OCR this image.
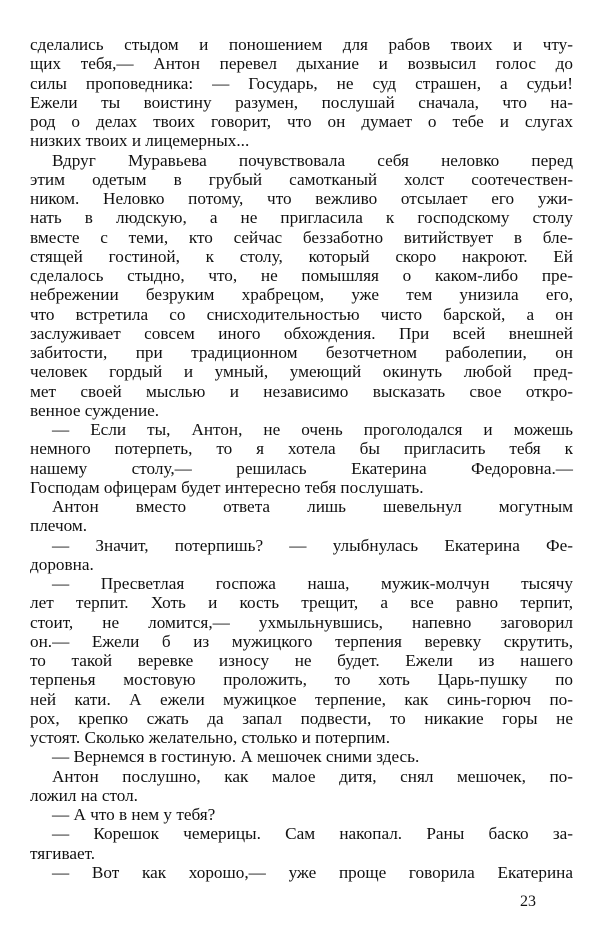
сделались стыдом и поношением для рабов твоих и чту-
щих тебя,— Антон перевел дыхание и возвысил голос до
силы проповедника: — Государь, не суд страшен, а судьи!
Ежели ты воистину разумен, послушай сначала, что на-
род о делах твоих говорит, что он думает о тебе и слугах
низких твоих и лицемерных...
Вдруг Муравьева почувствовала себя неловко перед
этим одетым в грубый самотканый холст соотечествен-
ником. Неловко потому, что вежливо отсылает его ужи-
нать в людскую, а не пригласила к господскому столу
вместе с теми, кто сейчас беззаботно витийствует в бле-
стящей гостиной, к столу, который скоро накроют. Ей
сделалось стыдно, что, не помышляя о каком-либо пре-
небрежении безруким храбрецом, уже тем унизила его,
что встретила со снисходительностью чисто барской, а он
заслуживает совсем иного обхождения. При всей внешней
забитости, при традиционном безотчетном раболепии, он
человек гордый и умный, умеющий окинуть любой пред-
мет своей мыслью и независимо высказать свое откро-
венное суждение.
— Если ты, Антон, не очень проголодался и можешь
немного потерпеть, то я хотела бы пригласить тебя к
нашему столу,— решилась Екатерина Федоровна.—
Господам офицерам будет интересно тебя послушать.
Антон вместо ответа лишь шевельнул могутным
плечом.
— Значит, потерпишь? — улыбнулась Екатерина Фе-
доровна.
— Пресветлая госпожа наша, мужик-молчун тысячу
лет терпит. Хоть и кость трещит, а все равно терпит,
стоит, не ломится,— ухмыльнувшись, напевно заговорил
он.— Ежели б из мужицкого терпения веревку скрутить,
то такой веревке износу не будет. Ежели из нашего
терпенья мостовую проложить, то хоть Царь-пушку по
ней кати. А ежели мужицкое терпение, как синь-горюч по-
рох, крепко сжать да запал подвести, то никакие горы не
устоят. Сколько желательно, столько и потерпим.
— Вернемся в гостиную. А мешочек сними здесь.
Антон послушно, как малое дитя, снял мешочек, по-
ложил на стол.
— А что в нем у тебя?
— Корешок чемерицы. Сам накопал. Раны баско за-
тягивает.
— Вот как хорошо,— уже проще говорила Екатерина
23
